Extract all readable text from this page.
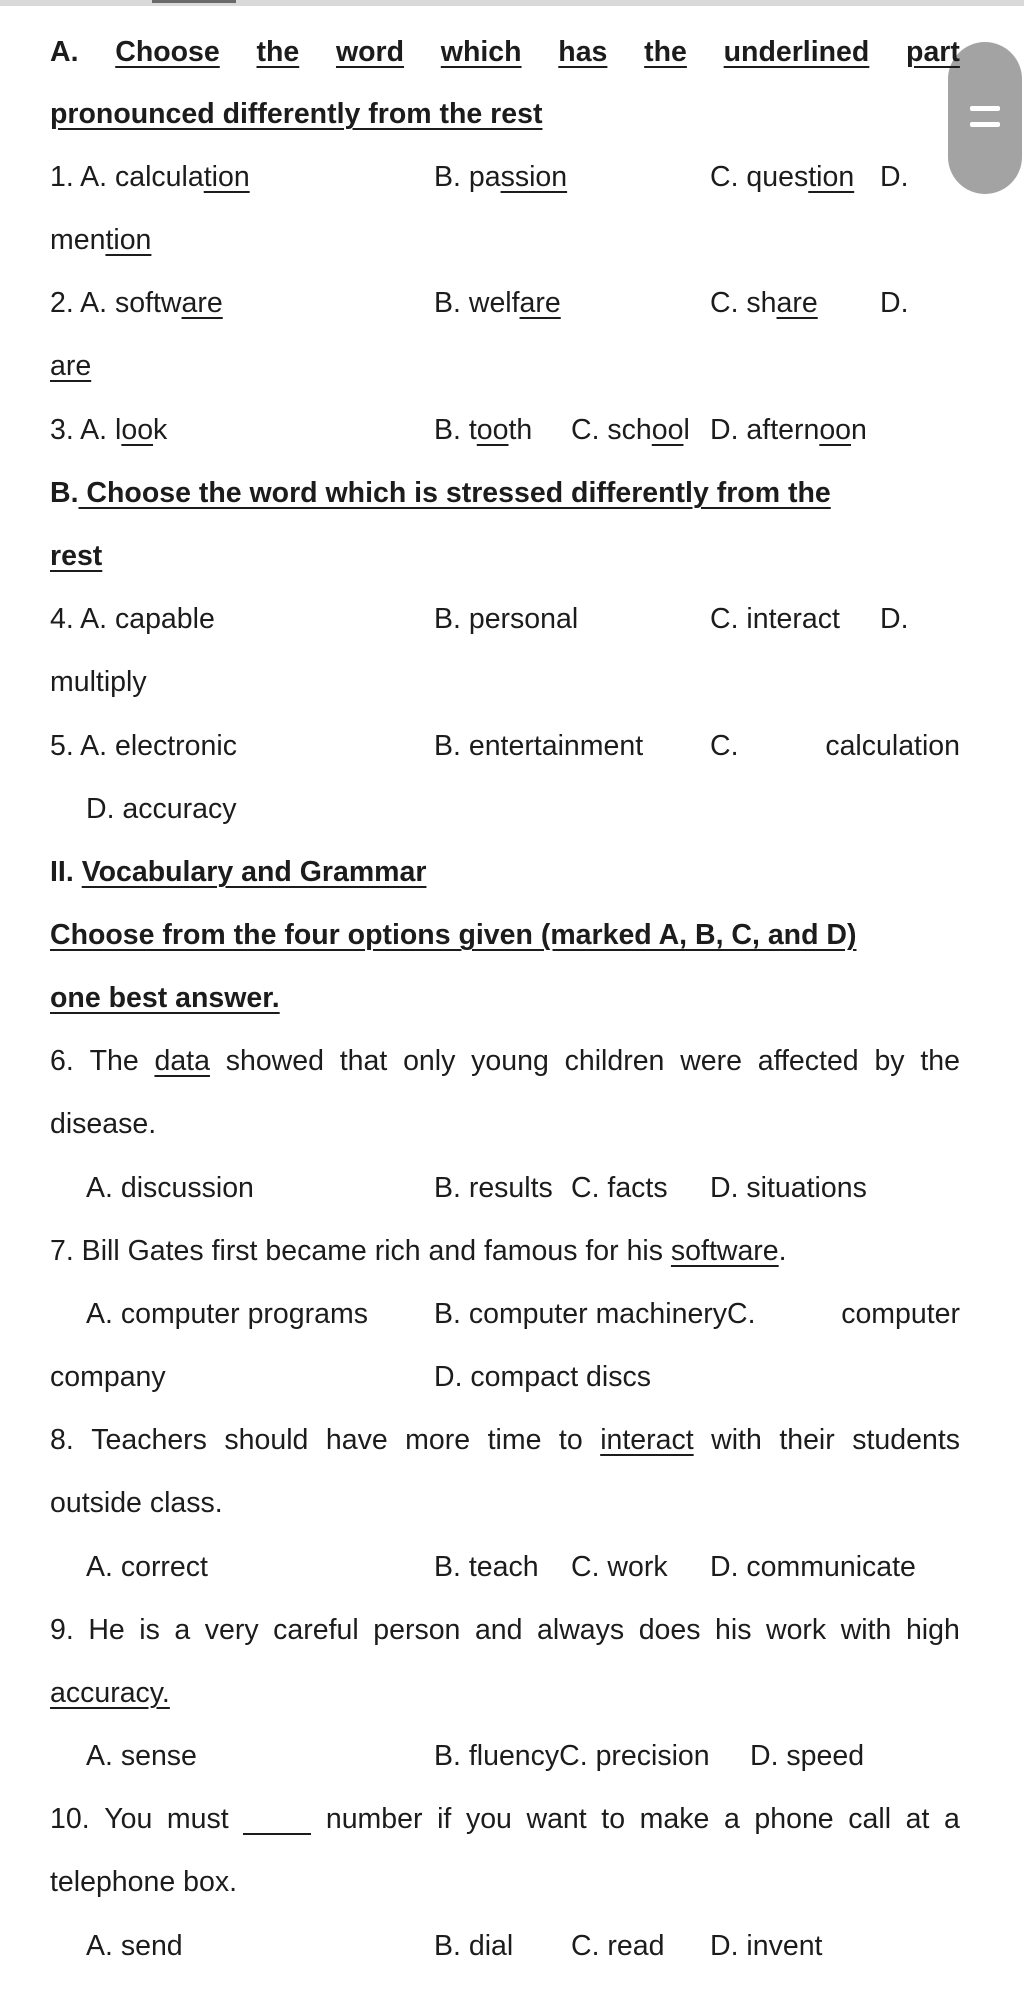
A. Choose the word which has the underlined part
pronounced differently from the rest
1. A. calculation	B. passion	C. question D.
mention
2. A. software	B. welfare	C. share D.
are
3. A. look	B. tooth C. school D. afternoon
B. Choose the word which is stressed differently from the
rest
4. A. capable	B. personal	C. interact D.
multiply
5. A. electronic	B. entertainment C.	calculation
D. accuracy
II. Vocabulary and Grammar
Choose from the four options given (marked A, B, C, and D)
one best answer.
6. The data showed that only young children were affected by the
disease.
A. discussion	B. results C. facts D. situations
7. Bill Gates first became rich and famous for his software.
A. computer programs B. computer machineryC.	computer
company	D. compact discs
8. Teachers should have more time to interact with their students
outside class.
A. correct	B. teach C. work D. communicate
9. He is a very careful person and always does his work with high
accuracy.
A. sense	B. fluencyC. precision D. speed
10. You must	number if you want to make a phone call at a
telephone box.
A. send	B. dial C. read D. invent
